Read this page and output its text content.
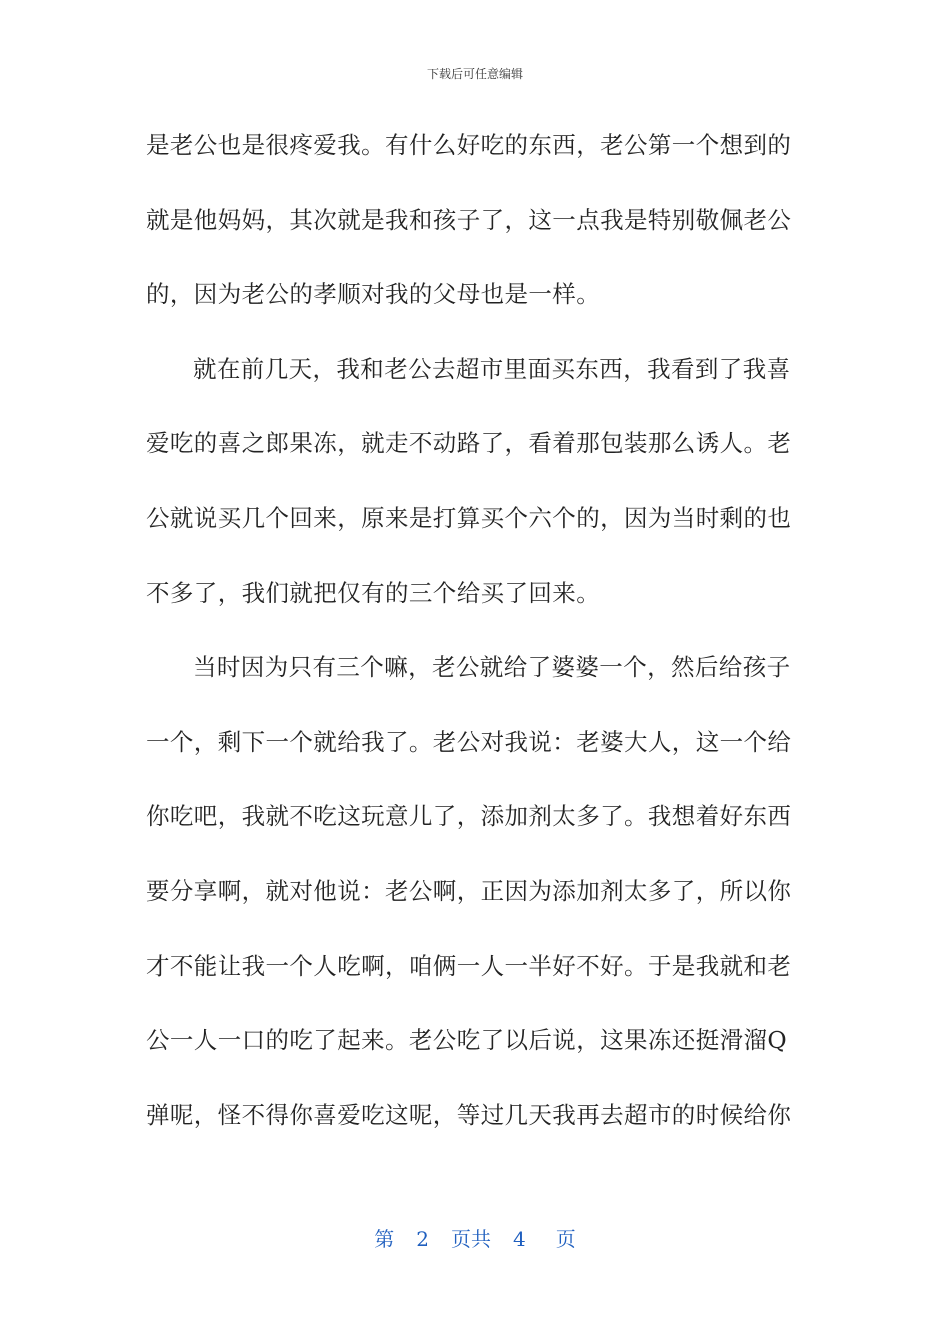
下载后可任意编辑
是老公也是很疼爱我。有什么好吃的东西，老公第一个想到的
就是他妈妈，其次就是我和孩子了，这一点我是特别敬佩老公
的，因为老公的孝顺对我的父母也是一样。
就在前几天，我和老公去超市里面买东西，我看到了我喜
爱吃的喜之郎果冻，就走不动路了，看着那包装那么诱人。老
公就说买几个回来，原来是打算买个六个的，因为当时剩的也
不多了，我们就把仅有的三个给买了回来。
当时因为只有三个嘛，老公就给了婆婆一个，然后给孩子
一个，剩下一个就给我了。老公对我说：老婆大人，这一个给
你吃吧，我就不吃这玩意儿了，添加剂太多了。我想着好东西
要分享啊，就对他说：老公啊，正因为添加剂太多了，所以你
才不能让我一个人吃啊，咱俩一人一半好不好。于是我就和老
公一人一口的吃了起来。老公吃了以后说，这果冻还挺滑溜Q
弹呢，怪不得你喜爱吃这呢，等过几天我再去超市的时候给你
第 2 页共 4 页
